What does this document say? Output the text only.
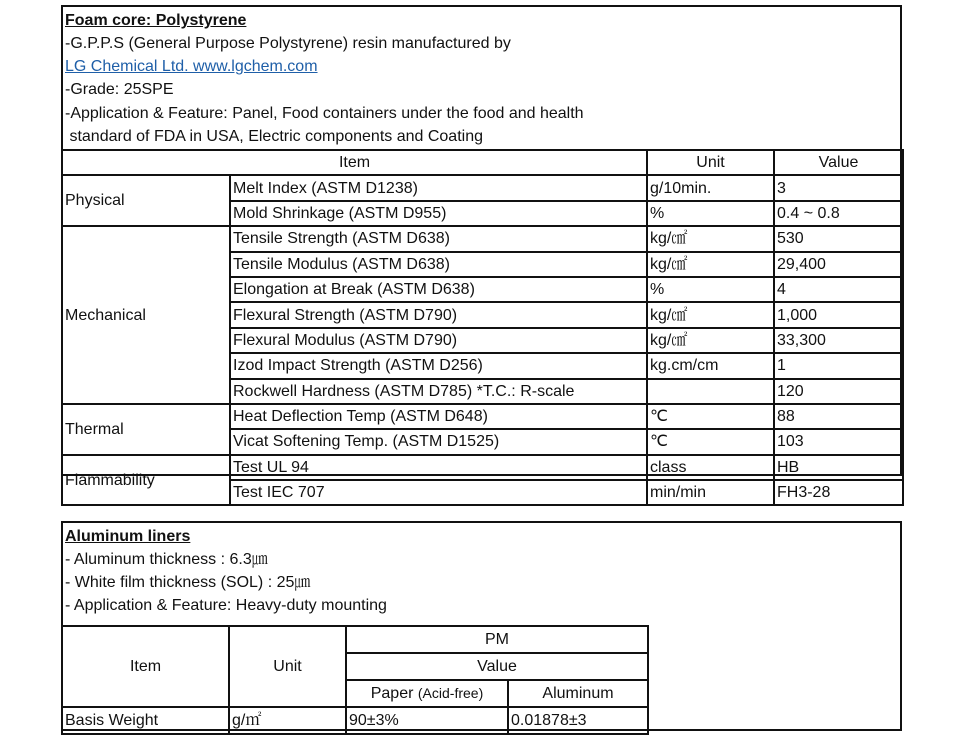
Foam core: Polystyrene
-G.P.P.S (General Purpose Polystyrene) resin manufactured by
LG Chemical Ltd. www.lgchem.com
-Grade: 25SPE
-Application & Feature: Panel, Food containers under the food and health
standard of FDA in USA, Electric components and Coating
Item		Unit	Value
Physical	Melt Index (ASTM D1238)	g/10min.	3
	Mold Shrinkage (ASTM D955)	%	0.4 ~ 0.8
Mechanical	Tensile Strength (ASTM D638)	kg/㎠	530
	Tensile Modulus (ASTM D638)	kg/㎠	29,400
	Elongation at Break (ASTM D638)	%	4
	Flexural Strength (ASTM D790)	kg/㎠	1,000
	Flexural Modulus (ASTM D790)	kg/㎠	33,300
	Izod Impact Strength (ASTM D256)	kg.cm/cm	1
	Rockwell Hardness (ASTM D785) *T.C.: R-scale		120
Thermal	Heat Deflection Temp (ASTM D648)	℃	88
	Vicat Softening Temp. (ASTM D1525)	℃	103
Flammability	Test UL 94	class	HB
	Test IEC 707	min/min	FH3-28
Aluminum liners
- Aluminum thickness : 6.3㎛
- White film thickness (SOL) : 25㎛
- Application & Feature: Heavy-duty mounting
Item	Unit	PM	
		Value	
		Paper (Acid-free)	Aluminum
Basis Weight	g/㎡	90±3%	0.01878±3
